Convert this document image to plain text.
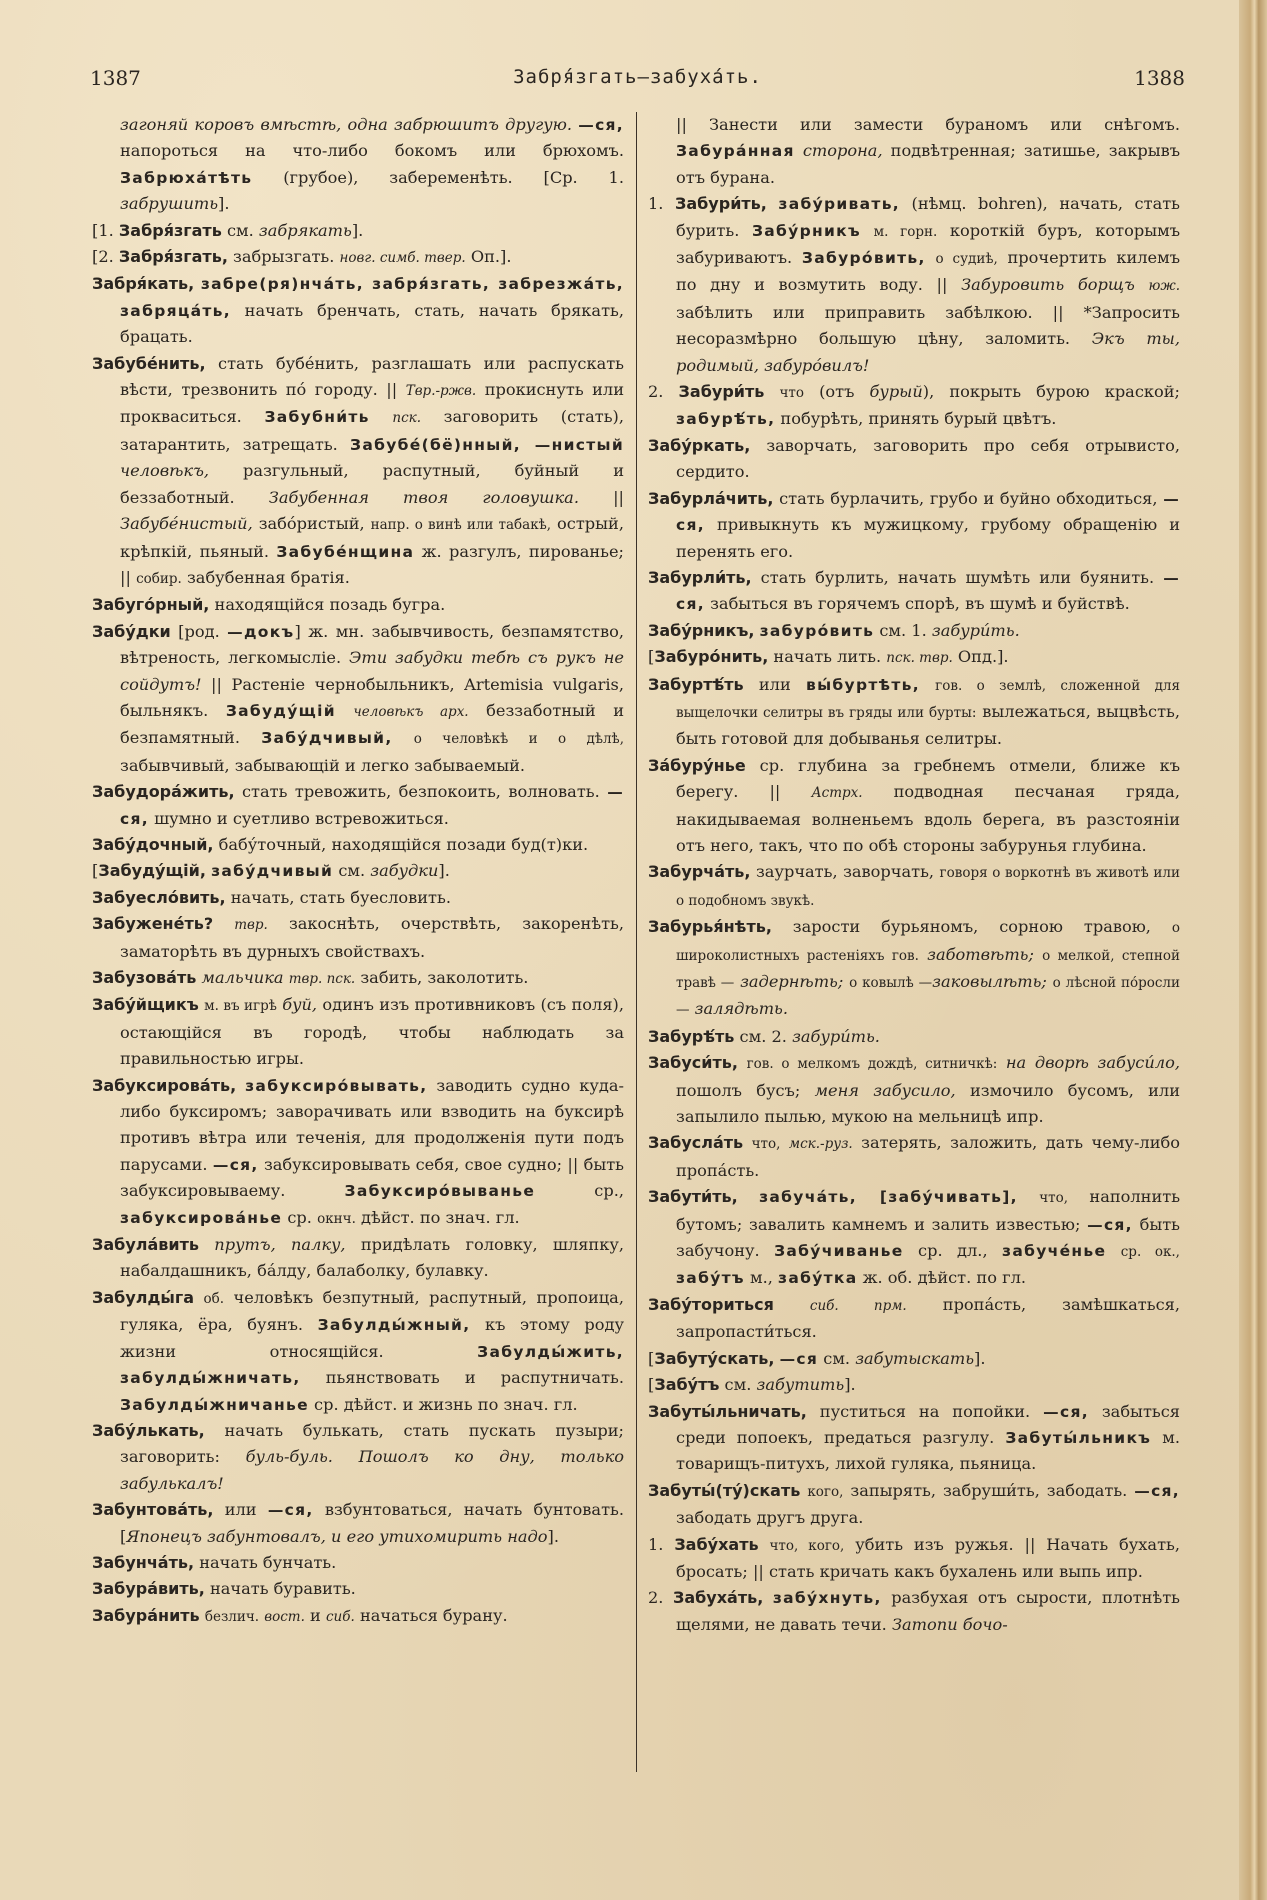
1387	Забря́згать—забуха́ть.	1388

загоняй коровъ вмѣстѣ, одна забрюшитъ другую. —ся, напороться на что-либо бокомъ или брюхомъ. Забрюха́тѣть (грубое), забеременѣть. [Ср. 1. забрушить].

[1. Забря́згать см. забрякать].

[2. Забря́згать, забрызгать. новг. симб. твер. Оп.].

Забря́кать, забре(ря)нча́ть, забря́згать, забрезжа́ть, забряца́ть, начать бренчать, стать, начать брякать, брацать.

Забубе́нить, стать бубе́нить, разглашать или распускать вѣсти, трезвонить по́ городу. || Твр.-ржв. прокиснуть или прокваситься. Забубни́ть пск. заговорить (стать), затарантить, затрещать. Забубе́(бё)нный, —нистый человѣкъ, разгульный, распутный, буйный и беззаботный. Забубенная твоя головушка. || Забубе́нистый, забо́ристый, напр. о винѣ или табакѣ, острый, крѣпкій, пьяный. Забубе́нщина ж. разгулъ, пированье; || собир. забубенная братія.

Забуго́рный, находящійся позадь бугра.

Забу́дки [род. —докъ] ж. мн. забывчивость, безпамятство, вѣтреность, легкомысліе. Эти забудки тебѣ съ рукъ не сойдутъ! || Растеніе чернобыльникъ, Artemisia vulgaris, быльнякъ. Забуду́щій человѣкъ арх. беззаботный и безпамятный. Забу́дчивый, о человѣкѣ и о дѣлѣ, забывчивый, забывающій и легко забываемый.

Забудора́жить, стать тревожить, безпокоить, волновать. —ся, шумно и суетливо встревожиться.

Забу́дочный, бабу́точный, находящійся позади буд(т)ки.

[Забуду́щій, забу́дчивый см. забудки].

Забуесло́вить, начать, стать буесловить.

Забужене́ть? твр. закоснѣть, очерствѣть, закоренѣть, заматорѣть въ дурныхъ свойствахъ.

Забузова́ть мальчика твр. пск. забить, заколотить.

Забу́йщикъ м. въ игрѣ буй, одинъ изъ противниковъ (съ поля), остающійся въ городѣ, чтобы наблюдать за правильностью игры.

Забуксирова́ть, забуксиро́вывать, заводить судно куда-либо буксиромъ; заворачивать или взводить на буксирѣ противъ вѣтра или теченія, для продолженія пути подъ парусами. —ся, забуксировывать себя, свое судно; || быть забуксировываему. Забуксиро́вываньe ср., забуксирова́нье ср. окнч. дѣйст. по знач. гл.

Забула́вить прутъ, палку, придѣлать головку, шляпку, набалдашникъ, ба́лду, балаболку, булавку.

Забулды́га об. человѣкъ безпутный, распутный, пропоица, гуляка, ёра, буянъ. Забулды́жный, къ этому роду жизни относящійся. Забулды́жить, забулды́жничать, пьянствовать и распутничать. Забулды́жничанье ср. дѣйст. и жизнь по знач. гл.

Забу́лькать, начать булькать, стать пускать пузыри; заговорить: буль-буль. Пошолъ ко дну, только забулькалъ!

Забунтова́ть, или —ся, взбунтоваться, начать бунтовать. [Японецъ забунтовалъ, и его утихомирить надо].

Забунча́ть, начать бунчать.

Забура́вить, начать буравить.

Забура́нить безлич. вост. и сиб. начаться бурану.

|| Занести или замести бураномъ или снѣгомъ. Забура́нная сторона, подвѣтренная; затишье, закрывъ отъ бурана.

1. Забури́ть, забу́ривать, (нѣмц. bohren), начать, стать бурить. Забу́рникъ м. горн. короткій буръ, которымъ забуриваютъ. Забуро́вить, о судиѣ, прочертить килемъ по дну и возмутить воду. || Забуровить борщъ юж. забѣлить или приправить забѣлкою. || *Запросить несоразмѣрно большую цѣну, заломить. Экъ ты, родимый, забуро́вилъ!

2. Забури́ть что (отъ бурый), покрыть бурою краской; забурѣ́ть, побурѣть, принять бурый цвѣтъ.

Забу́ркать, заворчать, заговорить про себя отрывисто, сердито.

Забурла́чить, стать бурлачить, грубо и буйно обходиться, —ся, привыкнуть къ мужицкому, грубому обращенію и перенять его.

Забурли́ть, стать бурлить, начать шумѣть или буянить. —ся, забыться въ горячемъ спорѣ, въ шумѣ и буйствѣ.

Забу́рникъ, забуро́вить см. 1. забури́ть.

[Забуро́нить, начать лить. пск. твр. Опд.].

Забуртѣ́ть или вы́буртѣть, гов. о землѣ, сложенной для выщелочки селитры въ гряды или бурты: вылежаться, выцвѣсть, быть готовой для добыванья селитры.

За́буру́нье ср. глубина за гребнемъ отмели, ближе къ берегу. || Астрх. подводная песчаная гряда, накидываемая волненьемъ вдоль берега, въ разстояніи отъ него, такъ, что по обѣ стороны забурунья глубина.

Забурча́ть, заурчать, заворчать, говоря о воркотнѣ въ животѣ или о подобномъ звукѣ.

Забурья́нѣть, зарости бурьяномъ, сорною травою, о широколистныхъ растеніяхъ гов. заботвѣть; о мелкой, степной травѣ — задернѣть; о ковылѣ —заковылѣть; о лѣсной по́росли — залядѣть.

Забурѣ́ть см. 2. забури́ть.

Забуси́ть, гов. о мелкомъ дождѣ, ситничкѣ: на дворѣ забуси́ло, пошолъ бусъ; меня забусило, измочило бусомъ, или запылило пылью, мукою на мельницѣ ипр.

Забусла́ть что, мск.-руз. затерять, заложить, дать чему-либо пропа́сть.

Забути́ть, забуча́ть, [забу́чивать], что, наполнить бутомъ; завалить камнемъ и залить известью; —ся, быть забучону. Забу́чиванье ср. дл., забуче́нье ср. ок., забу́тъ м., забу́тка ж. об. дѣйст. по гл.

Забу́ториться	сиб. прм. пропа́сть, замѣшкаться, запропасти́ться.

[Забуту́скать, —ся см. забутыскать].

[Забу́тъ см. забутить].

Забуты́льничать, пуститься на попойки. —ся, забыться среди попоекъ, предаться разгулу. Забуты́льникъ м. товарищъ-питухъ, лихой гуляка, пьяница.

Забуты́(ту́)скать кого, запырять, забруши́ть, забодать. —ся, забодать другъ друга.

1. Забу́хать что, кого, убить изъ ружья. || Начать бухать, бросать; || стать кричать какъ бухалень или выпь ипр.

2. Забуха́ть, забу́хнуть, разбухая отъ сырости, плотнѣть щелями, не давать течи. Затопи бочо-
